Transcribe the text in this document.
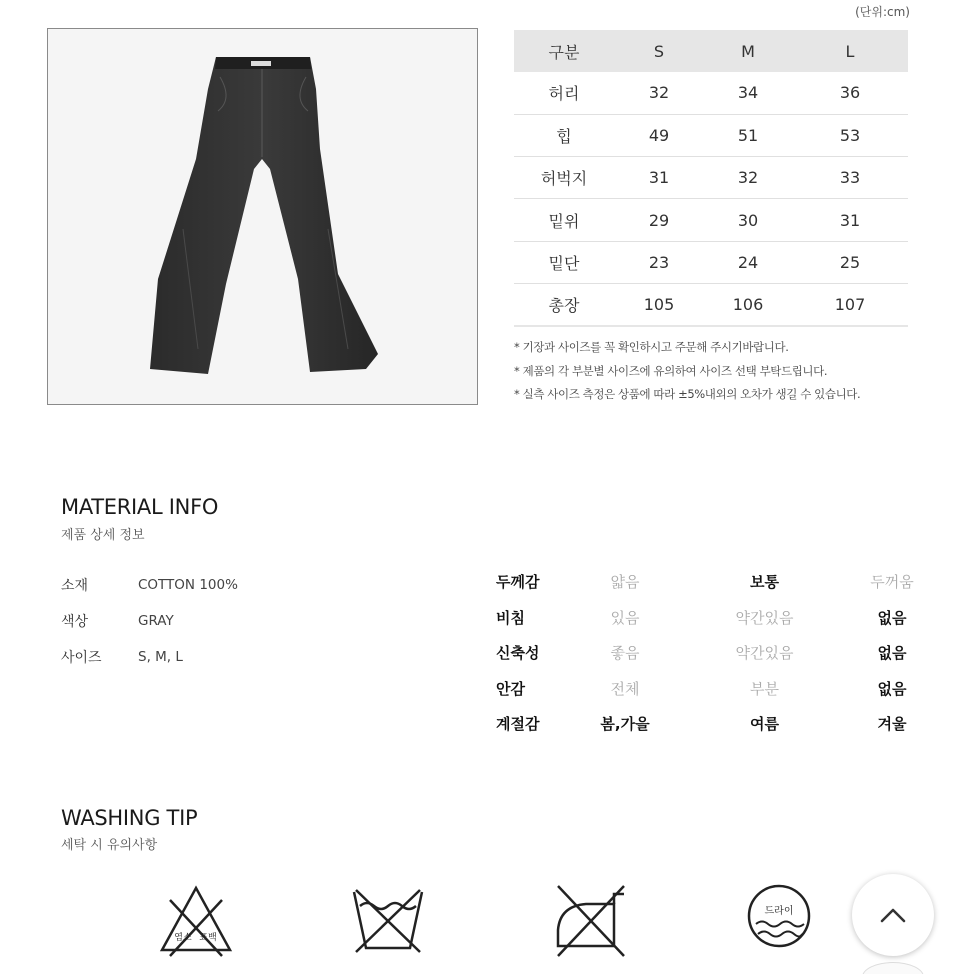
(단위:cm)
구분	S	M	L
허리	32	34	36
힙	49	51	53
허벅지	31	32	33
밑위	29	30	31
밑단	23	24	25
총장	105	106	107
* 기장과 사이즈를 꼭 확인하시고 주문해 주시기바랍니다.
* 제품의 각 부분별 사이즈에 유의하여 사이즈 선택 부탁드립니다.
* 실측 사이즈 측정은 상품에 따라 ±5%내외의 오차가 생길 수 있습니다.
MATERIAL INFO
제품 상세 정보
소재	COTTON 100%
색상	GRAY
사이즈	S, M, L
두께감	얇음	보통	두꺼움
비침	있음	약간있음	없음
신축성	좋음	약간있음	없음
안감	전체	부분	없음
계절감	봄,가을	여름	겨울
WASHING TIP
세탁 시 유의사항
염소 표백
드라이
